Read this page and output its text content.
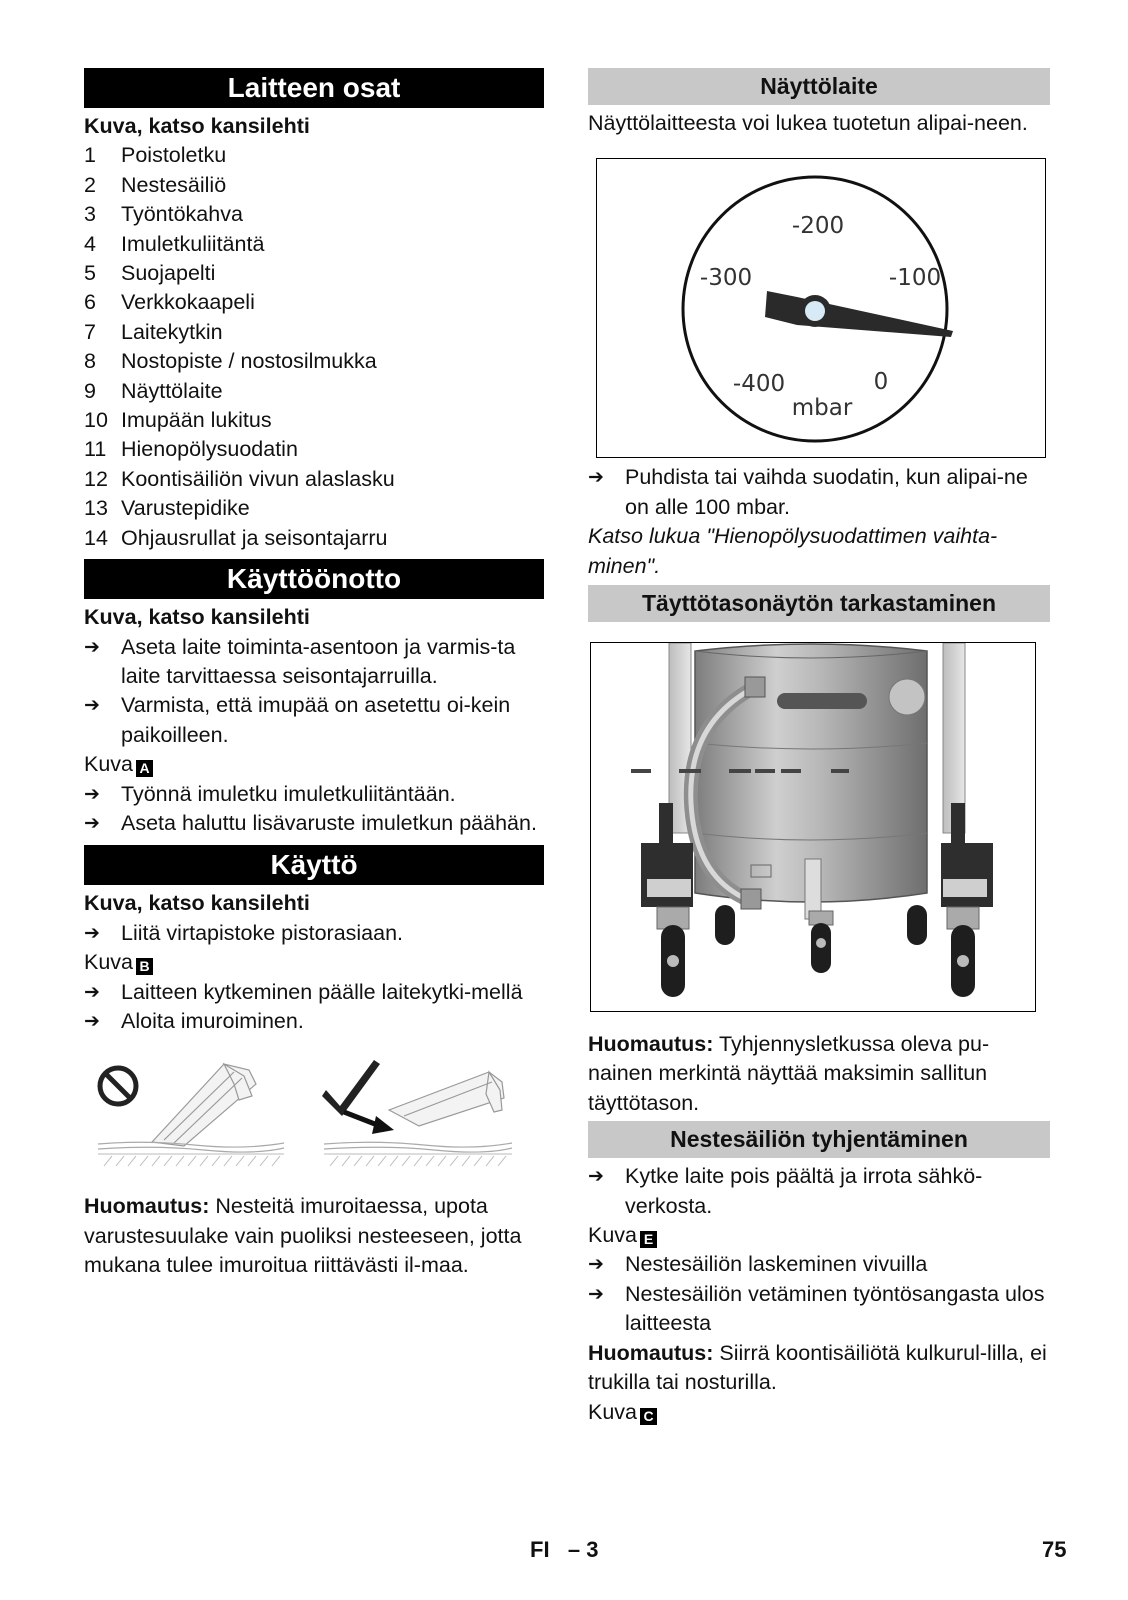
Laitteen osat

Kuva, katso kansilehti

1	Poistoletku
2	Nestesäiliö
3	Työntökahva
4	Imuletkuliitäntä
5	Suojapelti
6	Verkkokaapeli
7	Laitekytkin
8	Nostopiste / nostosilmukka
9	Näyttölaite
10 Imupään lukitus
11 Hienopölysuodatin
12 Koontisäiliön vivun alaslasku
13 Varustepidike
14 Ohjausrullat ja seisontajarru
Käyttöönotto

Kuva, katso kansilehti

➔ Aseta laite toiminta-asentoon ja varmis-ta laite tarvittaessa seisontajarruilla.
➔ Varmista, että imupää on asetettu oi-kein paikoilleen.

Kuva A

➔ Työnnä imuletku imuletkuliitäntään.
➔ Aseta haluttu lisävaruste imuletkun päähän.
Käyttö

Kuva, katso kansilehti

➔ Liitä virtapistoke pistorasiaan.

Kuva B

➔ Laitteen kytkeminen päälle laitekytki-mellä
➔ Aloita imuroiminen.

Huomautus: Nesteitä imuroitaessa, upota varustesuulake vain puoliksi nesteeseen, jotta mukana tulee imuroitua riittävästi il-maa.

Näyttölaite

Näyttölaitteesta voi lukea tuotetun alipai-neen.

-200
-300	-100
-400	0
mbar
➔ Puhdista tai vaihda suodatin, kun alipai-ne on alle 100 mbar.

Katso lukua "Hienopölysuodattimen vaihta-minen".

Täyttötasonäytön tarkastaminen

Huomautus: Tyhjennysletkussa oleva pu-nainen merkintä näyttää maksimin sallitun täyttötason.

Nestesäiliön tyhjentäminen
➔ Kytke laite pois päältä ja irrota sähkö-verkosta.

Kuva E

➔ Nestesäiliön laskeminen vivuilla
➔ Nestesäiliön vetäminen työntösangasta ulos laitteesta

Huomautus: Siirrä koontisäiliötä kulkurul-lilla, ei trukilla tai nosturilla.

Kuva C

FI   – 3	75
